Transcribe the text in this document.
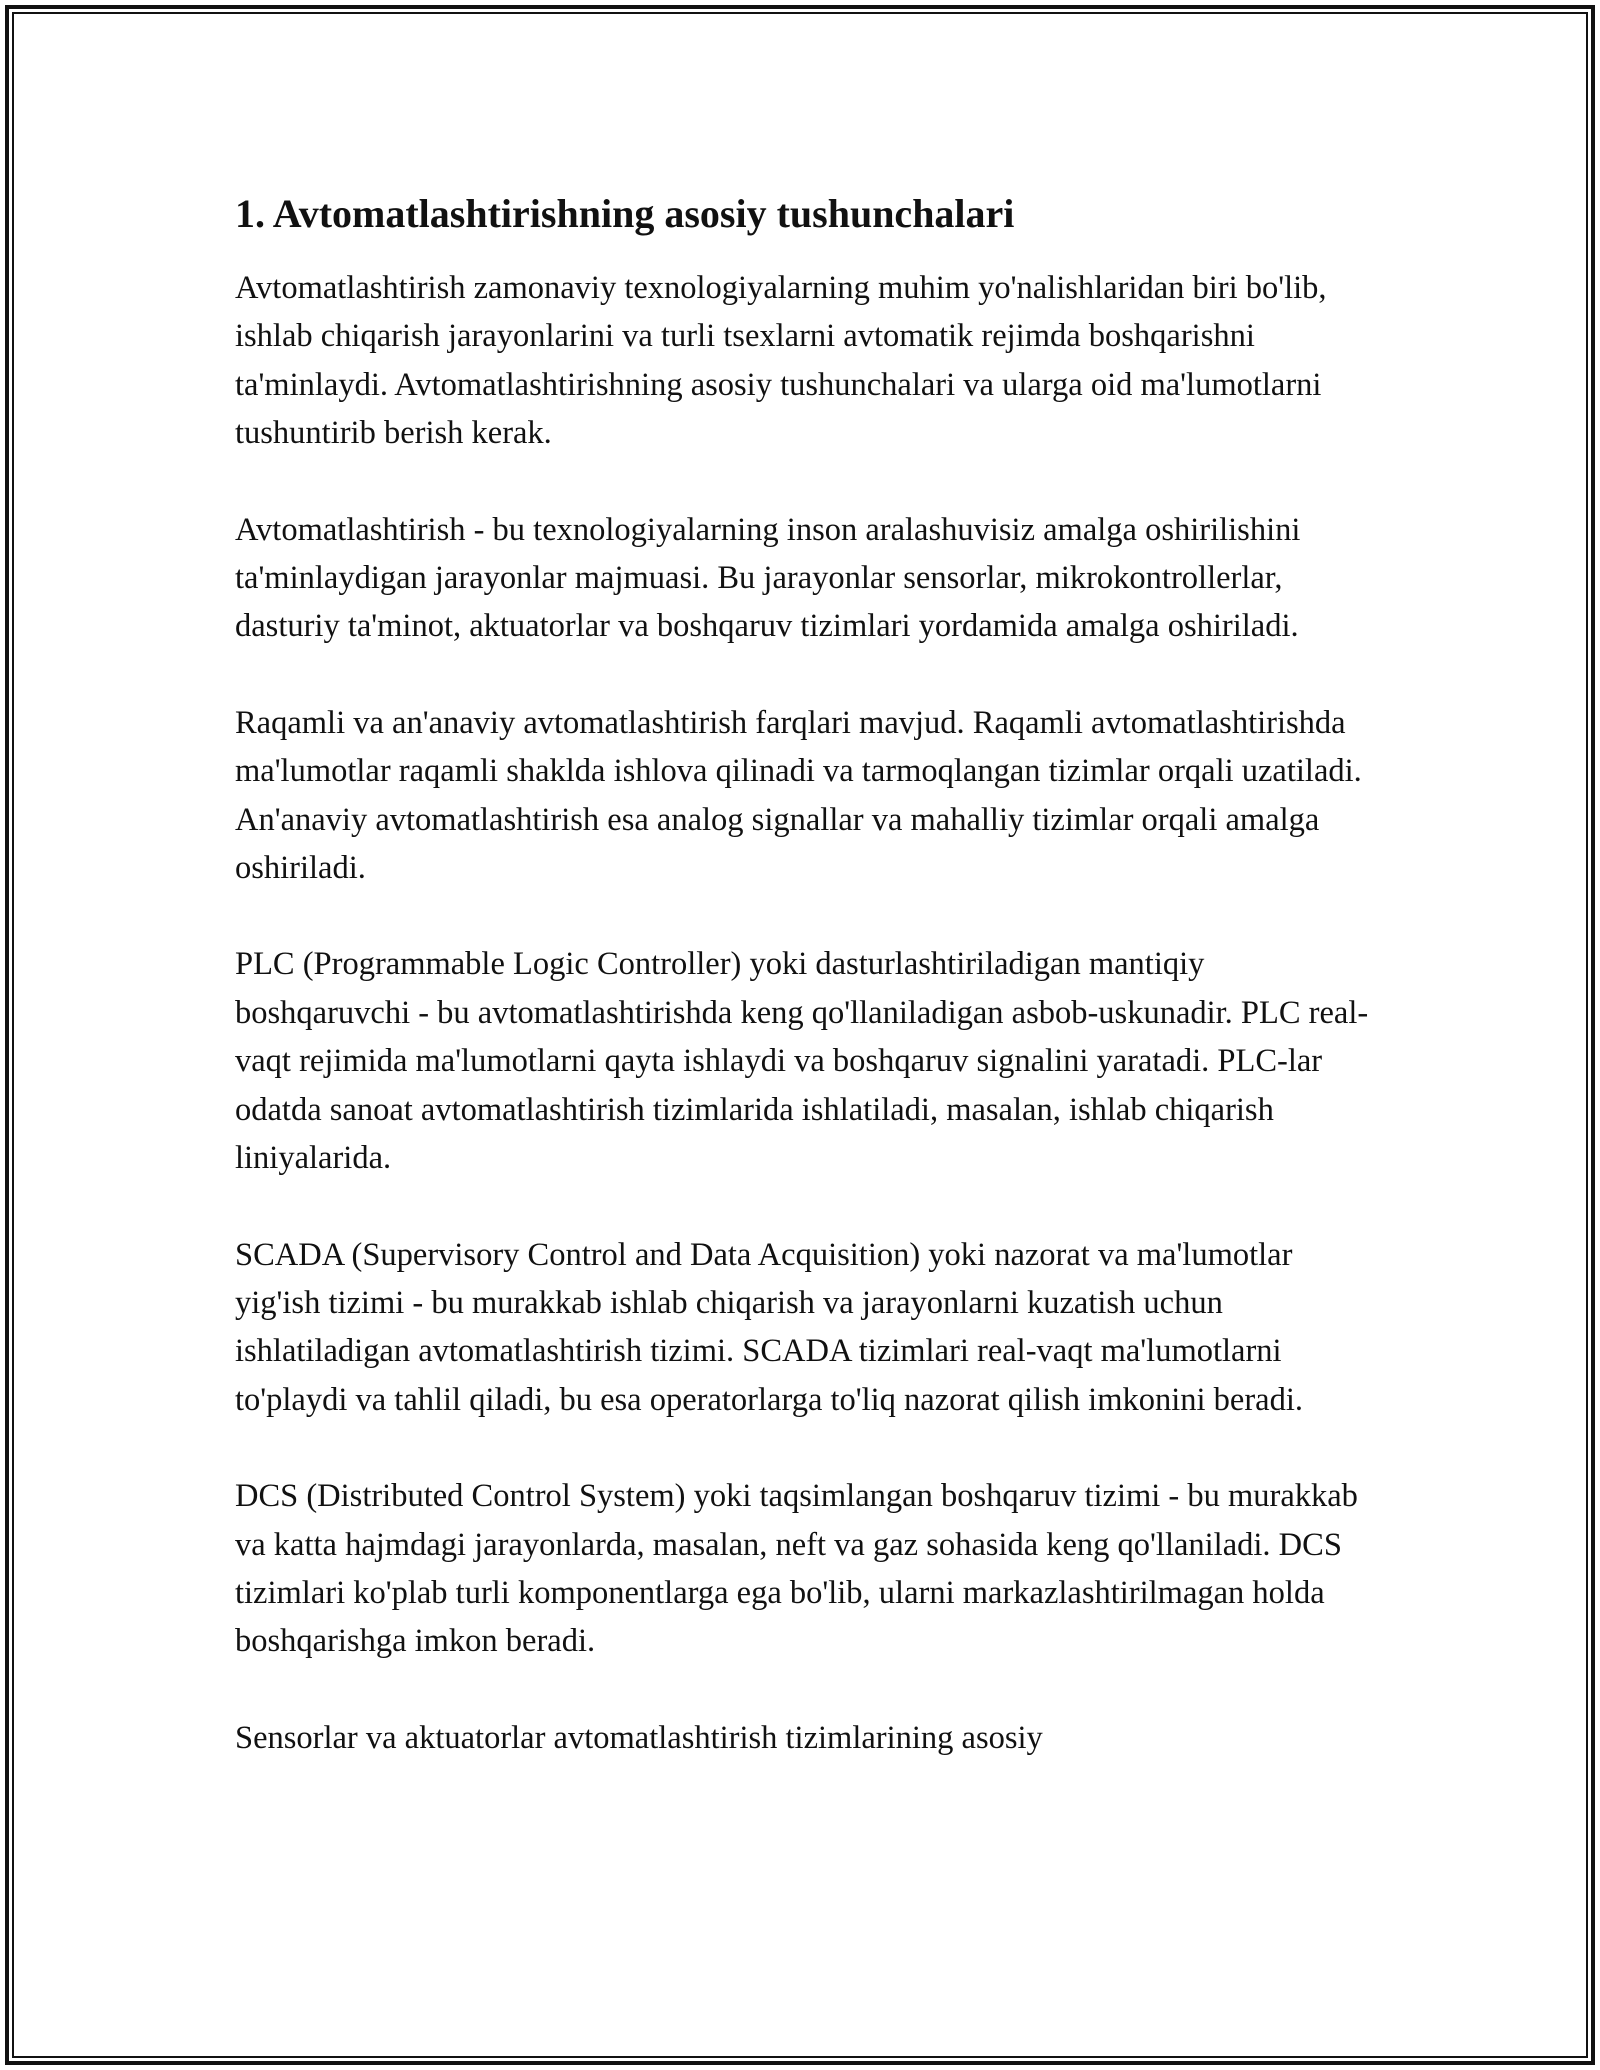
1. Avtomatlashtirishning asosiy tushunchalari

Avtomatlashtirish zamonaviy texnologiyalarning muhim yo'nalishlaridan biri bo'lib, ishlab chiqarish jarayonlarini va turli tsexlarni avtomatik rejimda boshqarishni ta'minlaydi. Avtomatlashtirishning asosiy tushunchalari va ularga oid ma'lumotlarni tushuntirib berish kerak.

Avtomatlashtirish - bu texnologiyalarning inson aralashuvisiz amalga oshirilishini ta'minlaydigan jarayonlar majmuasi. Bu jarayonlar sensorlar, mikrokontrollerlar, dasturiy ta'minot, aktuatorlar va boshqaruv tizimlari yordamida amalga oshiriladi.

Raqamli va an'anaviy avtomatlashtirish farqlari mavjud. Raqamli avtomatlashtirishda ma'lumotlar raqamli shaklda ishlova qilinadi va tarmoqlangan tizimlar orqali uzatiladi. An'anaviy avtomatlashtirish esa analog signallar va mahalliy tizimlar orqali amalga oshiriladi.

PLC (Programmable Logic Controller) yoki dasturlashtiriladigan mantiqiy boshqaruvchi - bu avtomatlashtirishda keng qo'llaniladigan asbob-uskunadir. PLC real-vaqt rejimida ma'lumotlarni qayta ishlaydi va boshqaruv signalini yaratadi. PLC-lar odatda sanoat avtomatlashtirish tizimlarida ishlatiladi, masalan, ishlab chiqarish liniyalarida.

SCADA (Supervisory Control and Data Acquisition) yoki nazorat va ma'lumotlar yig'ish tizimi - bu murakkab ishlab chiqarish va jarayonlarni kuzatish uchun ishlatiladigan avtomatlashtirish tizimi. SCADA tizimlari real-vaqt ma'lumotlarni to'playdi va tahlil qiladi, bu esa operatorlarga to'liq nazorat qilish imkonini beradi.

DCS (Distributed Control System) yoki taqsimlangan boshqaruv tizimi - bu murakkab va katta hajmdagi jarayonlarda, masalan, neft va gaz sohasida keng qo'llaniladi. DCS tizimlari ko'plab turli komponentlarga ega bo'lib, ularni markazlashtirilmagan holda boshqarishga imkon beradi.

Sensorlar va aktuatorlar avtomatlashtirish tizimlarining asosiy
